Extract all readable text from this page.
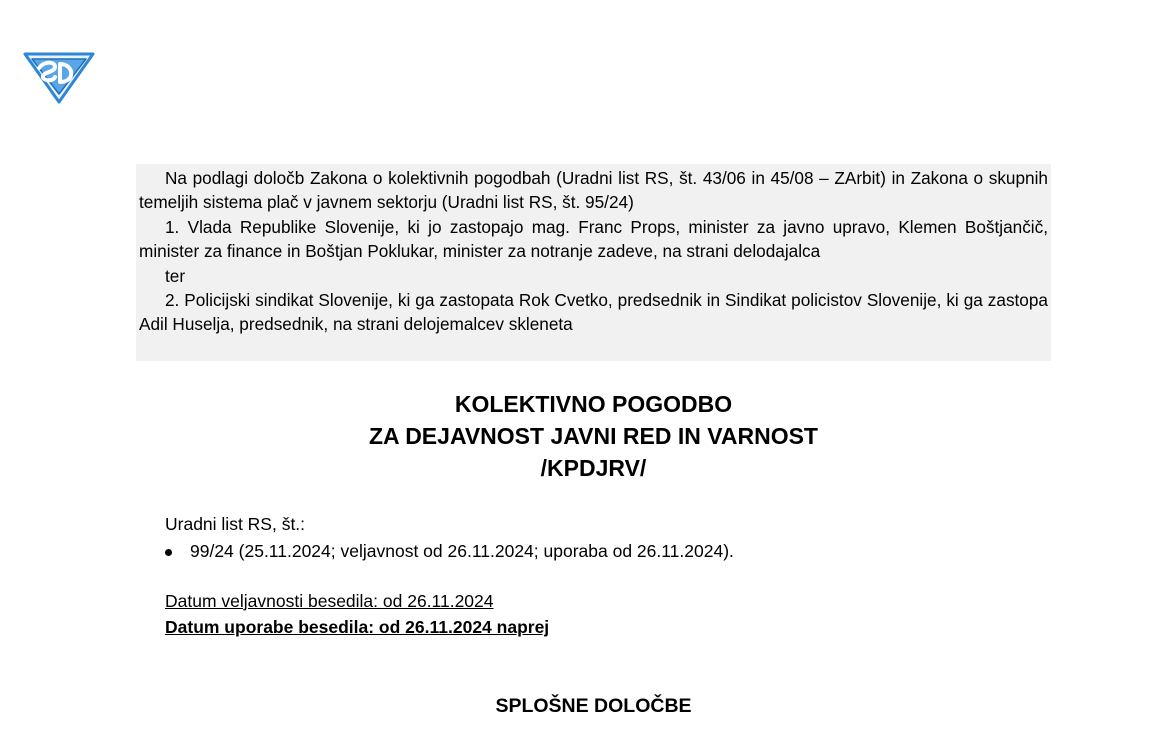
Na podlagi določb Zakona o kolektivnih pogodbah (Uradni list RS, št. 43/06 in 45/08 – ZArbit) in Zakona o skupnih temeljih sistema plač v javnem sektorju (Uradni list RS, št. 95/24)

1. Vlada Republike Slovenije, ki jo zastopajo mag. Franc Props, minister za javno upravo, Klemen Boštjančič, minister za finance in Boštjan Poklukar, minister za notranje zadeve, na strani delodajalca

ter

2. Policijski sindikat Slovenije, ki ga zastopata Rok Cvetko, predsednik in Sindikat policistov Slovenije, ki ga zastopa Adil Huselja, predsednik, na strani delojemalcev skleneta

KOLEKTIVNO POGODBO
ZA DEJAVNOST JAVNI RED IN VARNOST
/KPDJRV/
Uradni list RS, št.:
99/24 (25.11.2024; veljavnost od 26.11.2024; uporaba od 26.11.2024).
Datum veljavnosti besedila: od 26.11.2024
Datum uporabe besedila: od 26.11.2024 naprej
SPLOŠNE DOLOČBE
